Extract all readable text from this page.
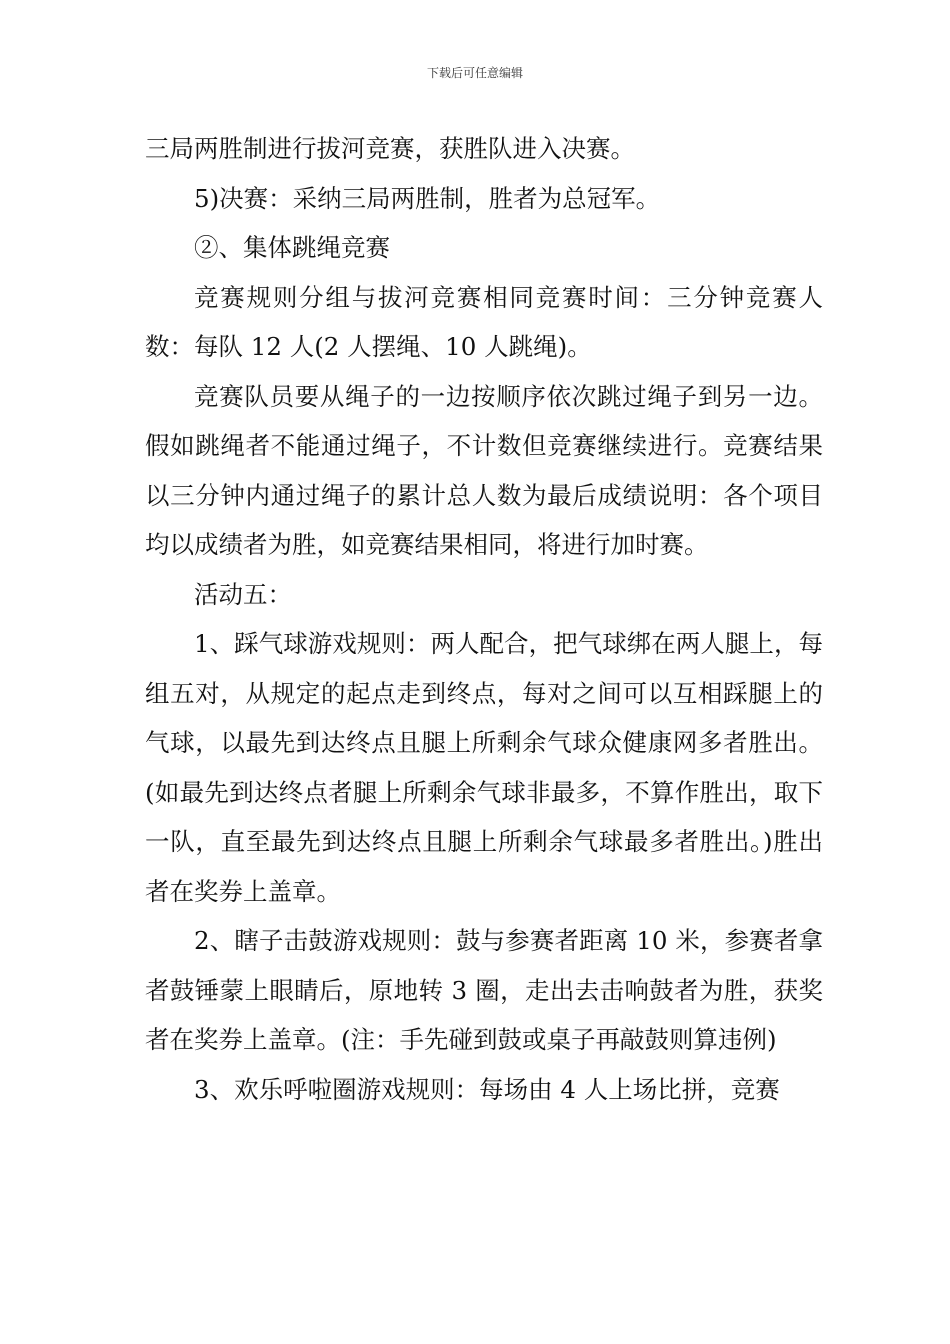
下载后可任意编辑

三局两胜制进行拔河竞赛，获胜队进入决赛。

5)决赛：采纳三局两胜制，胜者为总冠军。

②、集体跳绳竞赛

竞赛规则分组与拔河竞赛相同竞赛时间：三分钟竞赛人数：每队 12 人(2 人摆绳、10 人跳绳)。

竞赛队员要从绳子的一边按顺序依次跳过绳子到另一边。假如跳绳者不能通过绳子，不计数但竞赛继续进行。竞赛结果以三分钟内通过绳子的累计总人数为最后成绩说明：各个项目均以成绩者为胜，如竞赛结果相同，将进行加时赛。

活动五：

1、踩气球游戏规则：两人配合，把气球绑在两人腿上，每组五对，从规定的起点走到终点，每对之间可以互相踩腿上的气球，以最先到达终点且腿上所剩余气球众健康网多者胜出。(如最先到达终点者腿上所剩余气球非最多，不算作胜出，取下一队，直至最先到达终点且腿上所剩余气球最多者胜出。)胜出者在奖券上盖章。

2、瞎子击鼓游戏规则：鼓与参赛者距离 10 米，参赛者拿者鼓锤蒙上眼睛后，原地转 3 圈，走出去击响鼓者为胜，获奖者在奖券上盖章。(注：手先碰到鼓或桌子再敲鼓则算违例)

3、欢乐呼啦圈游戏规则：每场由 4 人上场比拼，竞赛
